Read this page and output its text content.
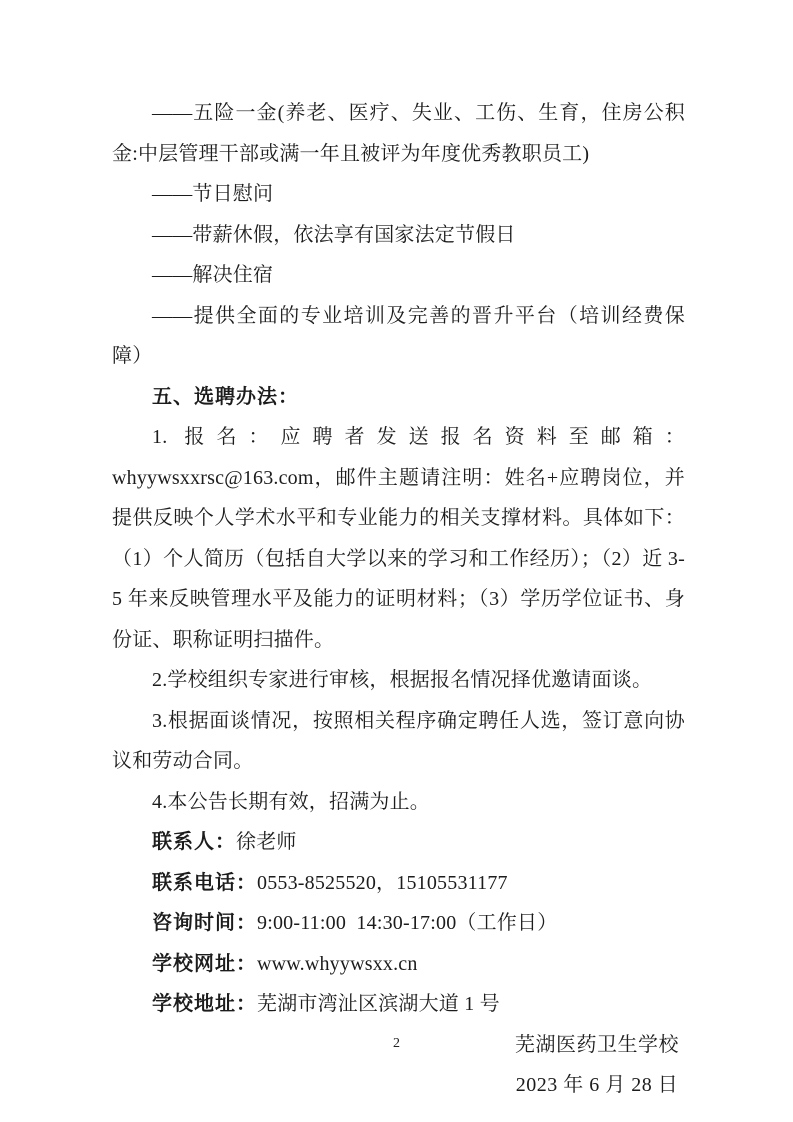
——五险一金(养老、医疗、失业、工伤、生育，住房公积金:中层管理干部或满一年且被评为年度优秀教职员工)

——节日慰问

——带薪休假，依法享有国家法定节假日

——解决住宿

——提供全面的专业培训及完善的晋升平台（培训经费保障）

五、选聘办法：

1. 报名：应聘者发送报名资料至邮箱：whyywsxxrsc@163.com，邮件主题请注明：姓名+应聘岗位，并提供反映个人学术水平和专业能力的相关支撑材料。具体如下：（1）个人简历（包括自大学以来的学习和工作经历）；（2）近 3-5 年来反映管理水平及能力的证明材料；（3）学历学位证书、身份证、职称证明扫描件。

2.学校组织专家进行审核，根据报名情况择优邀请面谈。

3.根据面谈情况，按照相关程序确定聘任人选，签订意向协议和劳动合同。

4.本公告长期有效，招满为止。

联系人：徐老师

联系电话：0553-8525520，15105531177

咨询时间：9:00-11:00  14:30-17:00（工作日）

学校网址：www.whyywsxx.cn

学校地址：芜湖市湾沚区滨湖大道 1 号

芜湖医药卫生学校
2023 年 6 月 28 日
2
